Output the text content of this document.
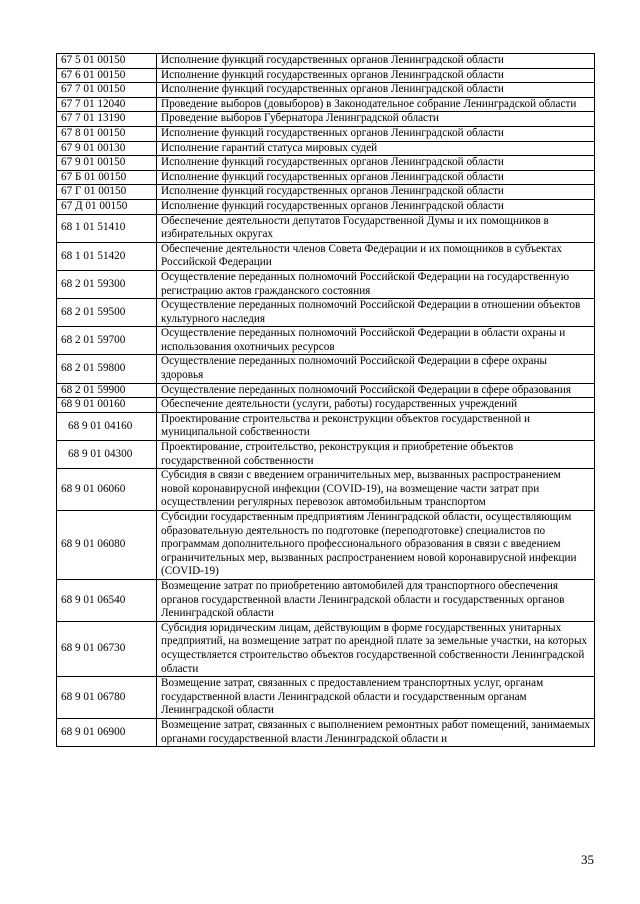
67 5 01 00150	Исполнение функций государственных органов Ленинградской области
67 6 01 00150	Исполнение функций государственных органов Ленинградской области
67 7 01 00150	Исполнение функций государственных органов Ленинградской области
67 7 01 12040	Проведение выборов (довыборов) в Законодательное собрание Ленинградской области
67 7 01 13190	Проведение выборов Губернатора Ленинградской области
67 8 01 00150	Исполнение функций государственных органов Ленинградской области
67 9 01 00130	Исполнение гарантий статуса мировых судей
67 9 01 00150	Исполнение функций государственных органов Ленинградской области
67 Б 01 00150	Исполнение функций государственных органов Ленинградской области
67 Г 01 00150	Исполнение функций государственных органов Ленинградской области
67 Д 01 00150	Исполнение функций государственных органов Ленинградской области
68 1 01 51410	Обеспечение деятельности депутатов Государственной Думы и их помощников в избирательных округах
68 1 01 51420	Обеспечение деятельности членов Совета Федерации и их помощников в субъектах Российской Федерации
68 2 01 59300	Осуществление переданных полномочий Российской Федерации на государственную регистрацию актов гражданского состояния
68 2 01 59500	Осуществление переданных полномочий Российской Федерации в отношении объектов культурного наследия
68 2 01 59700	Осуществление переданных полномочий Российской Федерации в области охраны и использования охотничьих ресурсов
68 2 01 59800	Осуществление переданных полномочий Российской Федерации в сфере охраны здоровья
68 2 01 59900	Осуществление переданных полномочий Российской Федерации в сфере образования
68 9 01 00160	Обеспечение деятельности (услуги, работы) государственных учреждений
68 9 01 04160	Проектирование строительства и реконструкции объектов государственной и муниципальной собственности
68 9 01 04300	Проектирование, строительство, реконструкция и приобретение объектов государственной собственности
68 9 01 06060	Субсидия в связи с введением ограничительных мер, вызванных распространением новой коронавирусной инфекции (COVID-19), на возмещение части затрат при осуществлении регулярных перевозок автомобильным транспортом
68 9 01 06080	Субсидии государственным предприятиям Ленинградской области, осуществляющим образовательную деятельность по подготовке (переподготовке) специалистов по программам дополнительного профессионального образования в связи с введением ограничительных мер, вызванных распространением новой коронавирусной инфекции (COVID-19)
68 9 01 06540	Возмещение затрат по приобретению автомобилей для транспортного обеспечения органов государственной власти Ленинградской области и государственных органов Ленинградской области
68 9 01 06730	Субсидия юридическим лицам, действующим в форме государственных унитарных предприятий, на возмещение затрат по арендной плате за земельные участки, на которых осуществляется строительство объектов государственной собственности Ленинградской области
68 9 01 06780	Возмещение затрат, связанных с предоставлением транспортных услуг, органам государственной власти Ленинградской области и государственным органам Ленинградской области
68 9 01 06900	Возмещение затрат, связанных с выполнением ремонтных работ помещений, занимаемых органами государственной власти Ленинградской области и
35
